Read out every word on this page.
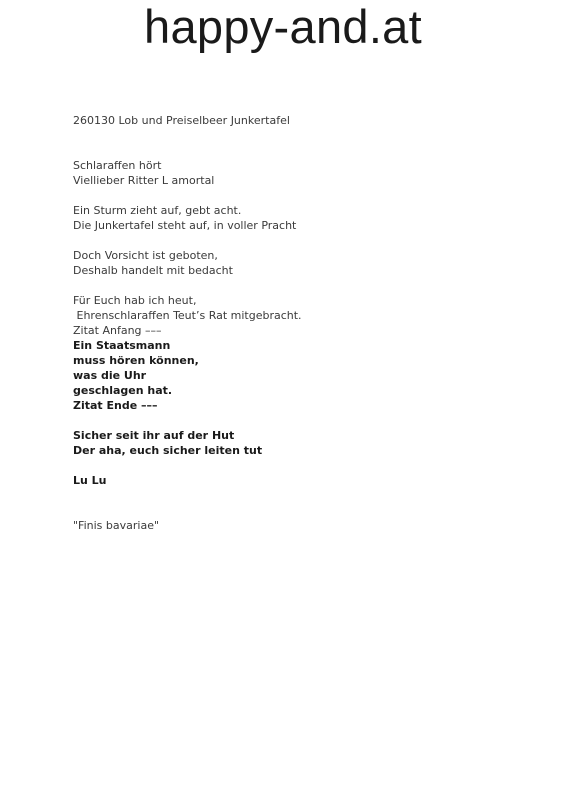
happy-and.at
260130 Lob und Preiselbeer Junkertafel
Schlaraffen hört
Viellieber Ritter L amortal
Ein Sturm zieht auf, gebt acht.
Die Junkertafel steht auf, in voller Pracht
Doch Vorsicht ist geboten,
Deshalb handelt mit bedacht
Für Euch hab ich heut,
Ehrenschlaraffen Teut’s Rat mitgebracht.
Zitat Anfang –––
Ein Staatsmann
muss hören können,
was die Uhr
geschlagen hat.
Zitat Ende –––
Sicher seit ihr auf der Hut
Der aha, euch sicher leiten tut
Lu Lu
"Finis bavariae"
